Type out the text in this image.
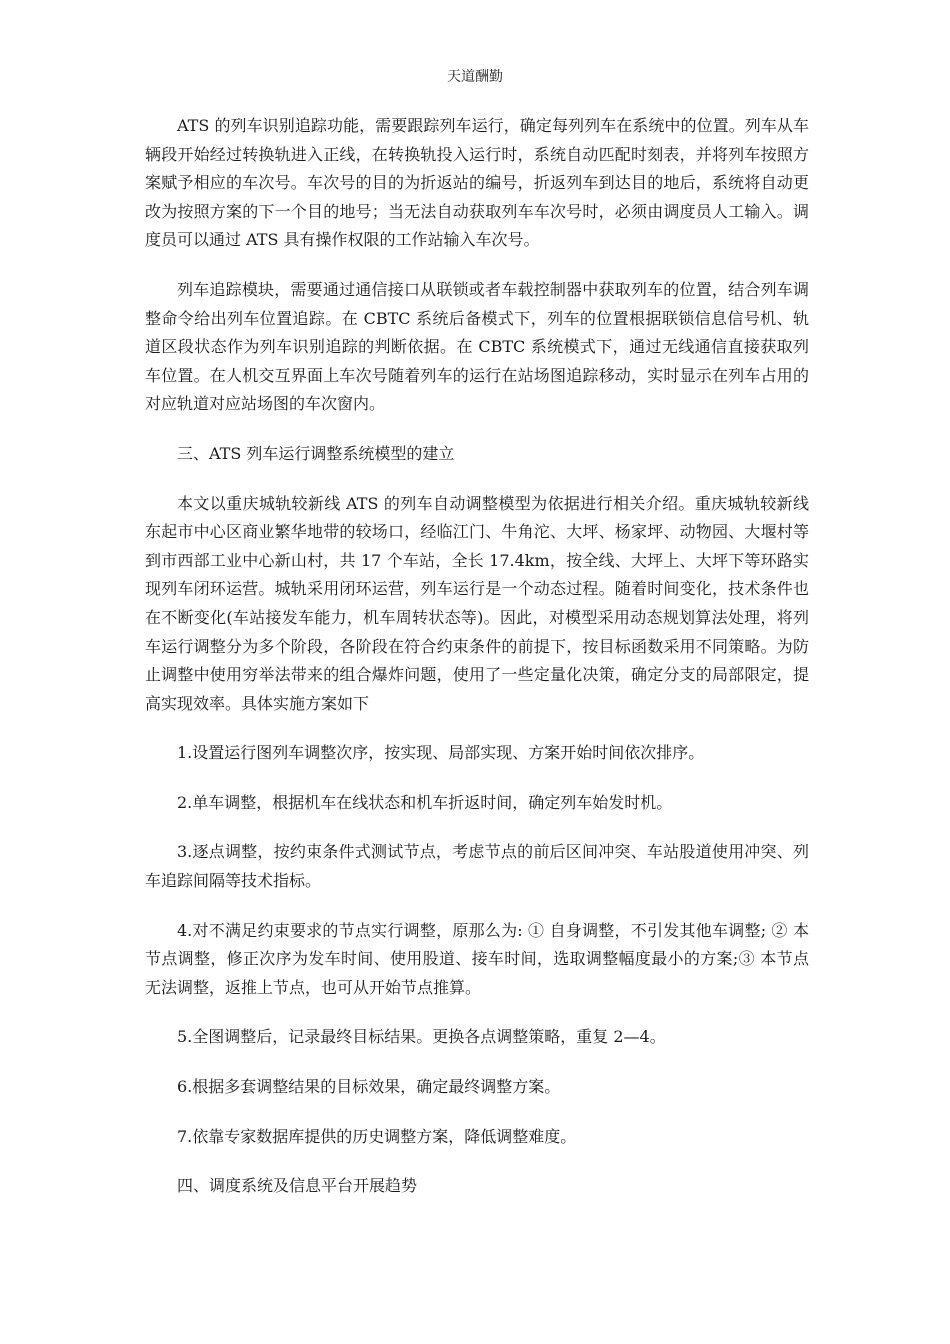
天道酬勤

ATS 的列车识别追踪功能，需要跟踪列车运行，确定每列列车在系统中的位置。列车从车辆段开始经过转换轨进入正线，在转换轨投入运行时，系统自动匹配时刻表，并将列车按照方案赋予相应的车次号。车次号的目的为折返站的编号，折返列车到达目的地后，系统将自动更改为按照方案的下一个目的地号；当无法自动获取列车车次号时，必须由调度员人工输入。调度员可以通过 ATS 具有操作权限的工作站输入车次号。

列车追踪模块，需要通过通信接口从联锁或者车载控制器中获取列车的位置，结合列车调整命令给出列车位置追踪。在 CBTC 系统后备模式下，列车的位置根据联锁信息信号机、轨道区段状态作为列车识别追踪的判断依据。在 CBTC 系统模式下，通过无线通信直接获取列车位置。在人机交互界面上车次号随着列车的运行在站场图追踪移动，实时显示在列车占用的对应轨道对应站场图的车次窗内。

三、ATS 列车运行调整系统模型的建立

本文以重庆城轨较新线 ATS 的列车自动调整模型为依据进行相关介绍。重庆城轨较新线东起市中心区商业繁华地带的较场口，经临江门、牛角沱、大坪、杨家坪、动物园、大堰村等到市西部工业中心新山村，共 17 个车站，全长 17.4km，按全线、大坪上、大坪下等环路实现列车闭环运营。城轨采用闭环运营，列车运行是一个动态过程。随着时间变化，技术条件也在不断变化(车站接发车能力，机车周转状态等)。因此，对模型采用动态规划算法处理，将列车运行调整分为多个阶段，各阶段在符合约束条件的前提下，按目标函数采用不同策略。为防止调整中使用穷举法带来的组合爆炸问题，使用了一些定量化决策，确定分支的局部限定，提高实现效率。具体实施方案如下

1.设置运行图列车调整次序，按实现、局部实现、方案开始时间依次排序。

2.单车调整，根据机车在线状态和机车折返时间，确定列车始发时机。

3.逐点调整，按约束条件式测试节点，考虑节点的前后区间冲突、车站股道使用冲突、列车追踪间隔等技术指标。

4.对不满足约束要求的节点实行调整，原那么为: ① 自身调整，不引发其他车调整; ② 本节点调整，修正次序为发车时间、使用股道、接车时间，选取调整幅度最小的方案;③ 本节点无法调整，返推上节点，也可从开始节点推算。

5.全图调整后，记录最终目标结果。更换各点调整策略，重复 2—4。

6.根据多套调整结果的目标效果，确定最终调整方案。

7.依靠专家数据库提供的历史调整方案，降低调整难度。

四、调度系统及信息平台开展趋势
